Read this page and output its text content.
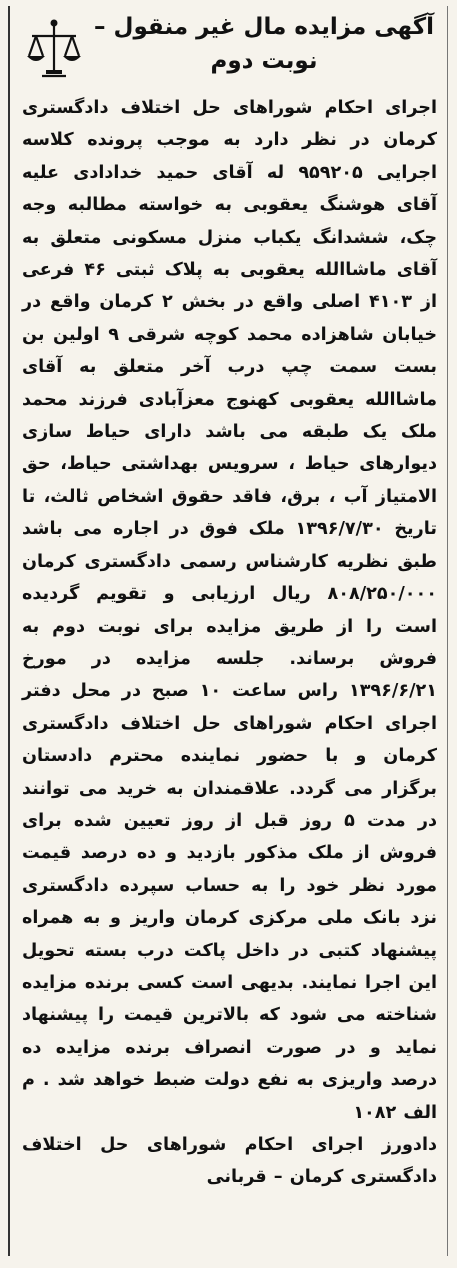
آگهی مزایده مال غیر منقول –
نوبت دوم

اجرای احکام شوراهای حل اختلاف دادگستری کرمان در نظر دارد به موجب پرونده کلاسه اجرایی ۹۵۹۲۰۵ له آقای حمید خدادادی علیه آقای هوشنگ یعقوبی به خواسته مطالبه وجه چک، ششدانگ یکباب منزل مسکونی متعلق به آقای ماشاالله یعقوبی به پلاک ثبتی ۴۶ فرعی از ۴۱۰۳ اصلی واقع در بخش ۲ کرمان واقع در خیابان شاهزاده محمد کوچه شرقی ۹ اولین بن بست سمت چپ درب آخر متعلق به آقای ماشاالله یعقوبی کهنوج معزآبادی فرزند محمد ملک یک طبقه می باشد دارای حیاط سازی دیوارهای حیاط ، سرویس بهداشتی حیاط، حق الامتیاز آب ، برق، فاقد حقوق اشخاص ثالث، تا تاریخ ۱۳۹۶/۷/۳۰ ملک فوق در اجاره می باشد طبق نظریه کارشناس رسمی دادگستری کرمان ۸۰۸/۲۵۰/۰۰۰ ریال ارزیابی و تقویم گردیده است را از طریق مزایده برای نوبت دوم به فروش برساند. جلسه مزایده در مورخ ۱۳۹۶/۶/۲۱ راس ساعت ۱۰ صبح در محل دفتر اجرای احکام شوراهای حل اختلاف دادگستری کرمان و با حضور نماینده محترم دادستان برگزار می گردد. علاقمندان به خرید می توانند در مدت ۵ روز قبل از روز تعیین شده برای فروش از ملک مذکور بازدید و ده درصد قیمت مورد نظر خود را به حساب سپرده دادگستری نزد بانک ملی مرکزی کرمان واریز و به همراه پیشنهاد کتبی در داخل پاکت درب بسته تحویل این اجرا نمایند. بدیهی است کسی برنده مزایده شناخته می شود که بالاترین قیمت را پیشنهاد نماید و در صورت انصراف برنده مزایده ده درصد واریزی به نفع دولت ضبط خواهد شد . م الف ۱۰۸۲

دادورز اجرای احکام شوراهای حل اختلاف دادگستری کرمان – قربانی
